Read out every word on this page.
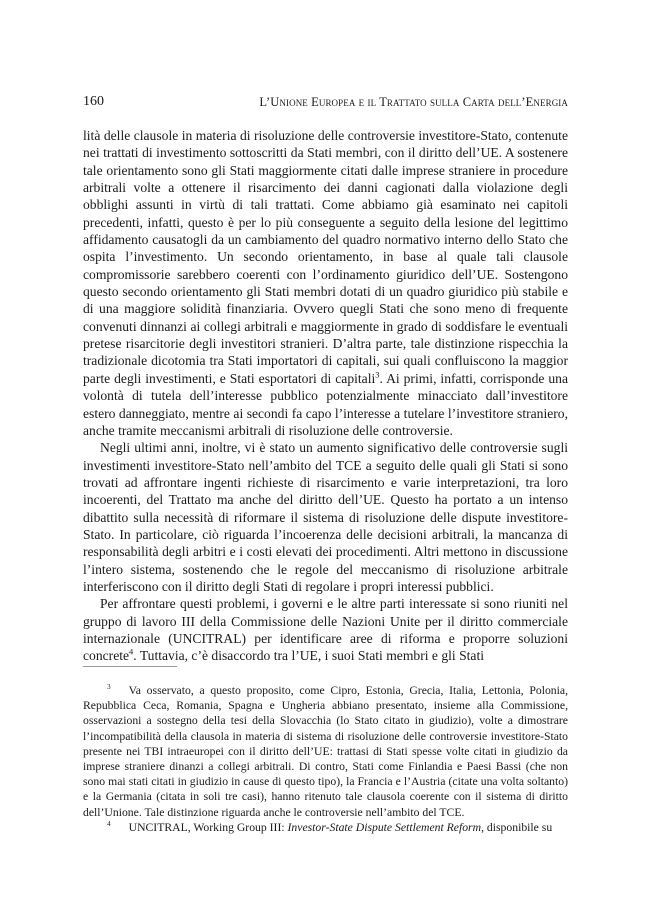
160	L’Unione Europea e il Trattato sulla Carta dell’Energia

lità delle clausole in materia di risoluzione delle controversie investitore-Stato, contenute nei trattati di investimento sottoscritti da Stati membri, con il diritto dell’UE. A sostenere tale orientamento sono gli Stati maggiormente citati dalle imprese straniere in procedure arbitrali volte a ottenere il risarcimento dei danni cagionati dalla violazione degli obblighi assunti in virtù di tali trattati. Come abbiamo già esaminato nei capitoli precedenti, infatti, questo è per lo più conseguente a seguito della lesione del legittimo affidamento causatogli da un cambiamento del quadro normativo interno dello Stato che ospita l’investimento. Un secondo orientamento, in base al quale tali clausole compromissorie sarebbero coerenti con l’ordinamento giuridico dell’UE. Sostengono questo secondo orientamento gli Stati membri dotati di un quadro giuridico più stabile e di una maggiore solidità finanziaria. Ovvero quegli Stati che sono meno di frequente convenuti dinnanzi ai collegi arbitrali e maggiormente in grado di soddisfare le eventuali pretese risarcitorie degli investitori stranieri. D’altra parte, tale distinzione rispecchia la tradizionale dicotomia tra Stati importatori di capitali, sui quali confluiscono la maggior parte degli investimenti, e Stati esportatori di capitali$^3$. Ai primi, infatti, corrisponde una volontà di tutela dell’interesse pubblico potenzialmente minacciato dall’investitore estero danneggiato, mentre ai secondi fa capo l’interesse a tutelare l’investitore straniero, anche tramite meccanismi arbitrali di risoluzione delle controversie.

Negli ultimi anni, inoltre, vi è stato un aumento significativo delle controversie sugli investimenti investitore-Stato nell’ambito del TCE a seguito delle quali gli Stati si sono trovati ad affrontare ingenti richieste di risarcimento e varie interpretazioni, tra loro incoerenti, del Trattato ma anche del diritto dell’UE. Questo ha portato a un intenso dibattito sulla necessità di riformare il sistema di risoluzione delle dispute investitore-Stato. In particolare, ciò riguarda l’incoerenza delle decisioni arbitrali, la mancanza di responsabilità degli arbitri e i costi elevati dei procedimenti. Altri mettono in discussione l’intero sistema, sostenendo che le regole del meccanismo di risoluzione arbitrale interferiscono con il diritto degli Stati di regolare i propri interessi pubblici.

Per affrontare questi problemi, i governi e le altre parti interessate si sono riuniti nel gruppo di lavoro III della Commissione delle Nazioni Unite per il diritto commerciale internazionale (UNCITRAL) per identificare aree di riforma e proporre soluzioni concrete$^4$. Tuttavia, c’è disaccordo tra l’UE, i suoi Stati membri e gli Stati

$^3$ Va osservato, a questo proposito, come Cipro, Estonia, Grecia, Italia, Lettonia, Polonia, Repubblica Ceca, Romania, Spagna e Ungheria abbiano presentato, insieme alla Commissione, osservazioni a sostegno della tesi della Slovacchia (lo Stato citato in giudizio), volte a dimostrare l’incompatibilità della clausola in materia di sistema di risoluzione delle controversie investitore-Stato presente nei TBI intraeuropei con il diritto dell’UE: trattasi di Stati spesse volte citati in giudizio da imprese straniere dinanzi a collegi arbitrali. Di contro, Stati come Finlandia e Paesi Bassi (che non sono mai stati citati in giudizio in cause di questo tipo), la Francia e l’Austria (citate una volta soltanto) e la Germania (citata in soli tre casi), hanno ritenuto tale clausola coerente con il sistema di diritto dell’Unione. Tale distinzione riguarda anche le controversie nell’ambito del TCE.

$^4$ UNCITRAL, Working Group III: Investor-State Dispute Settlement Reform, disponibile su
